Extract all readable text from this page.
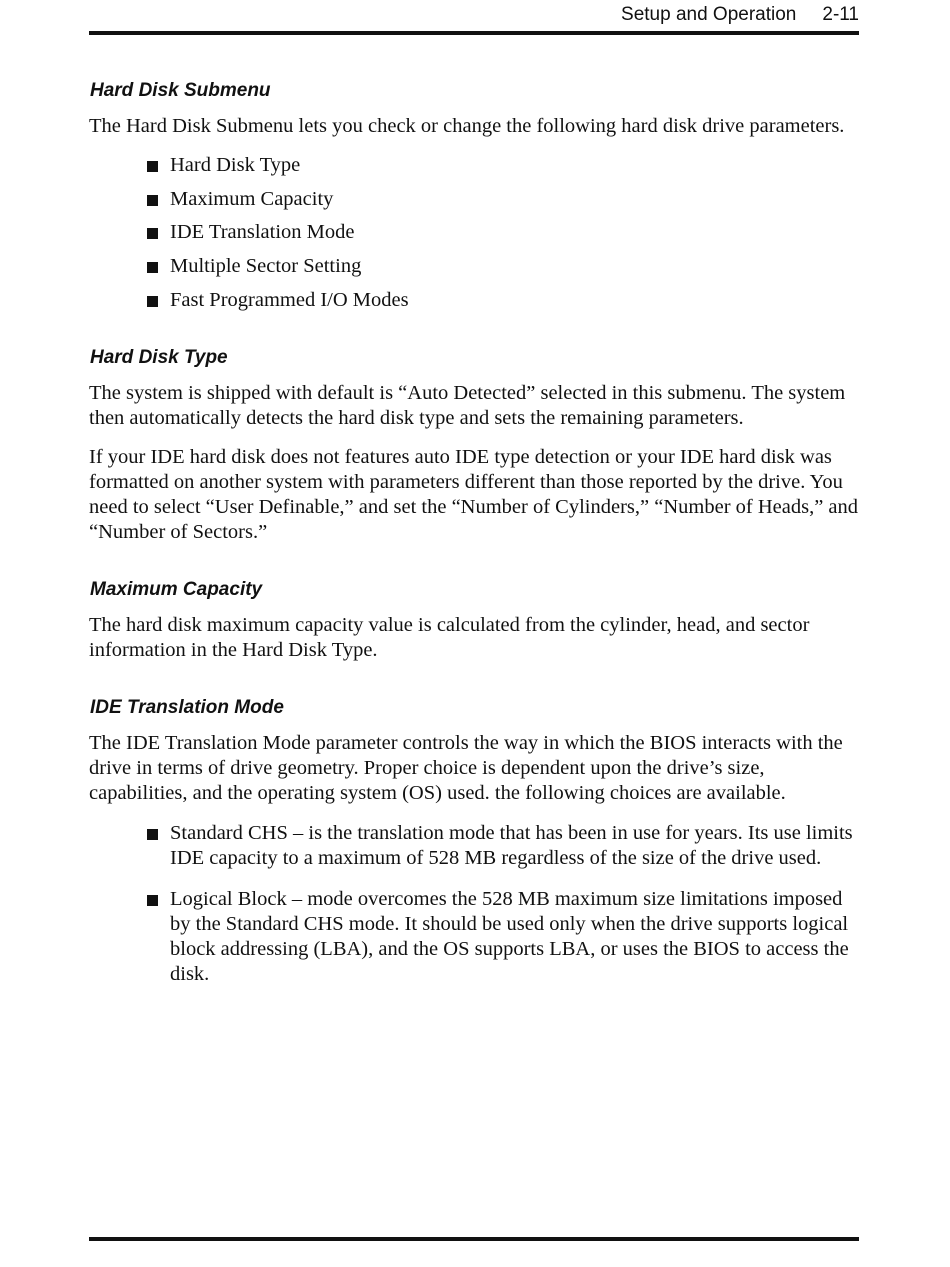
Setup and Operation 2-11
Hard Disk Submenu

The Hard Disk Submenu lets you check or change the following hard disk drive parameters.

Hard Disk Type
Maximum Capacity
IDE Translation Mode
Multiple Sector Setting
Fast Programmed I/O Modes
Hard Disk Type

The system is shipped with default is “Auto Detected” selected in this submenu. The system then automatically detects the hard disk type and sets the remaining parameters.

If your IDE hard disk does not features auto IDE type detection or your IDE hard disk was formatted on another system with parameters different than those reported by the drive. You need to select “User Definable,” and set the “Number of Cylinders,” “Number of Heads,” and “Number of Sectors.”

Maximum Capacity

The hard disk maximum capacity value is calculated from the cylinder, head, and sector information in the Hard Disk Type.

IDE Translation Mode

The IDE Translation Mode parameter controls the way in which the BIOS interacts with the drive in terms of drive geometry. Proper choice is dependent upon the drive’s size, capabilities, and the operating system (OS) used. the following choices are available.

Standard CHS – is the translation mode that has been in use for years. Its use limits IDE capacity to a maximum of 528 MB regardless of the size of the drive used.
Logical Block – mode overcomes the 528 MB maximum size limitations imposed by the Standard CHS mode. It should be used only when the drive supports logical block addressing (LBA), and the OS supports LBA, or uses the BIOS to access the disk.
